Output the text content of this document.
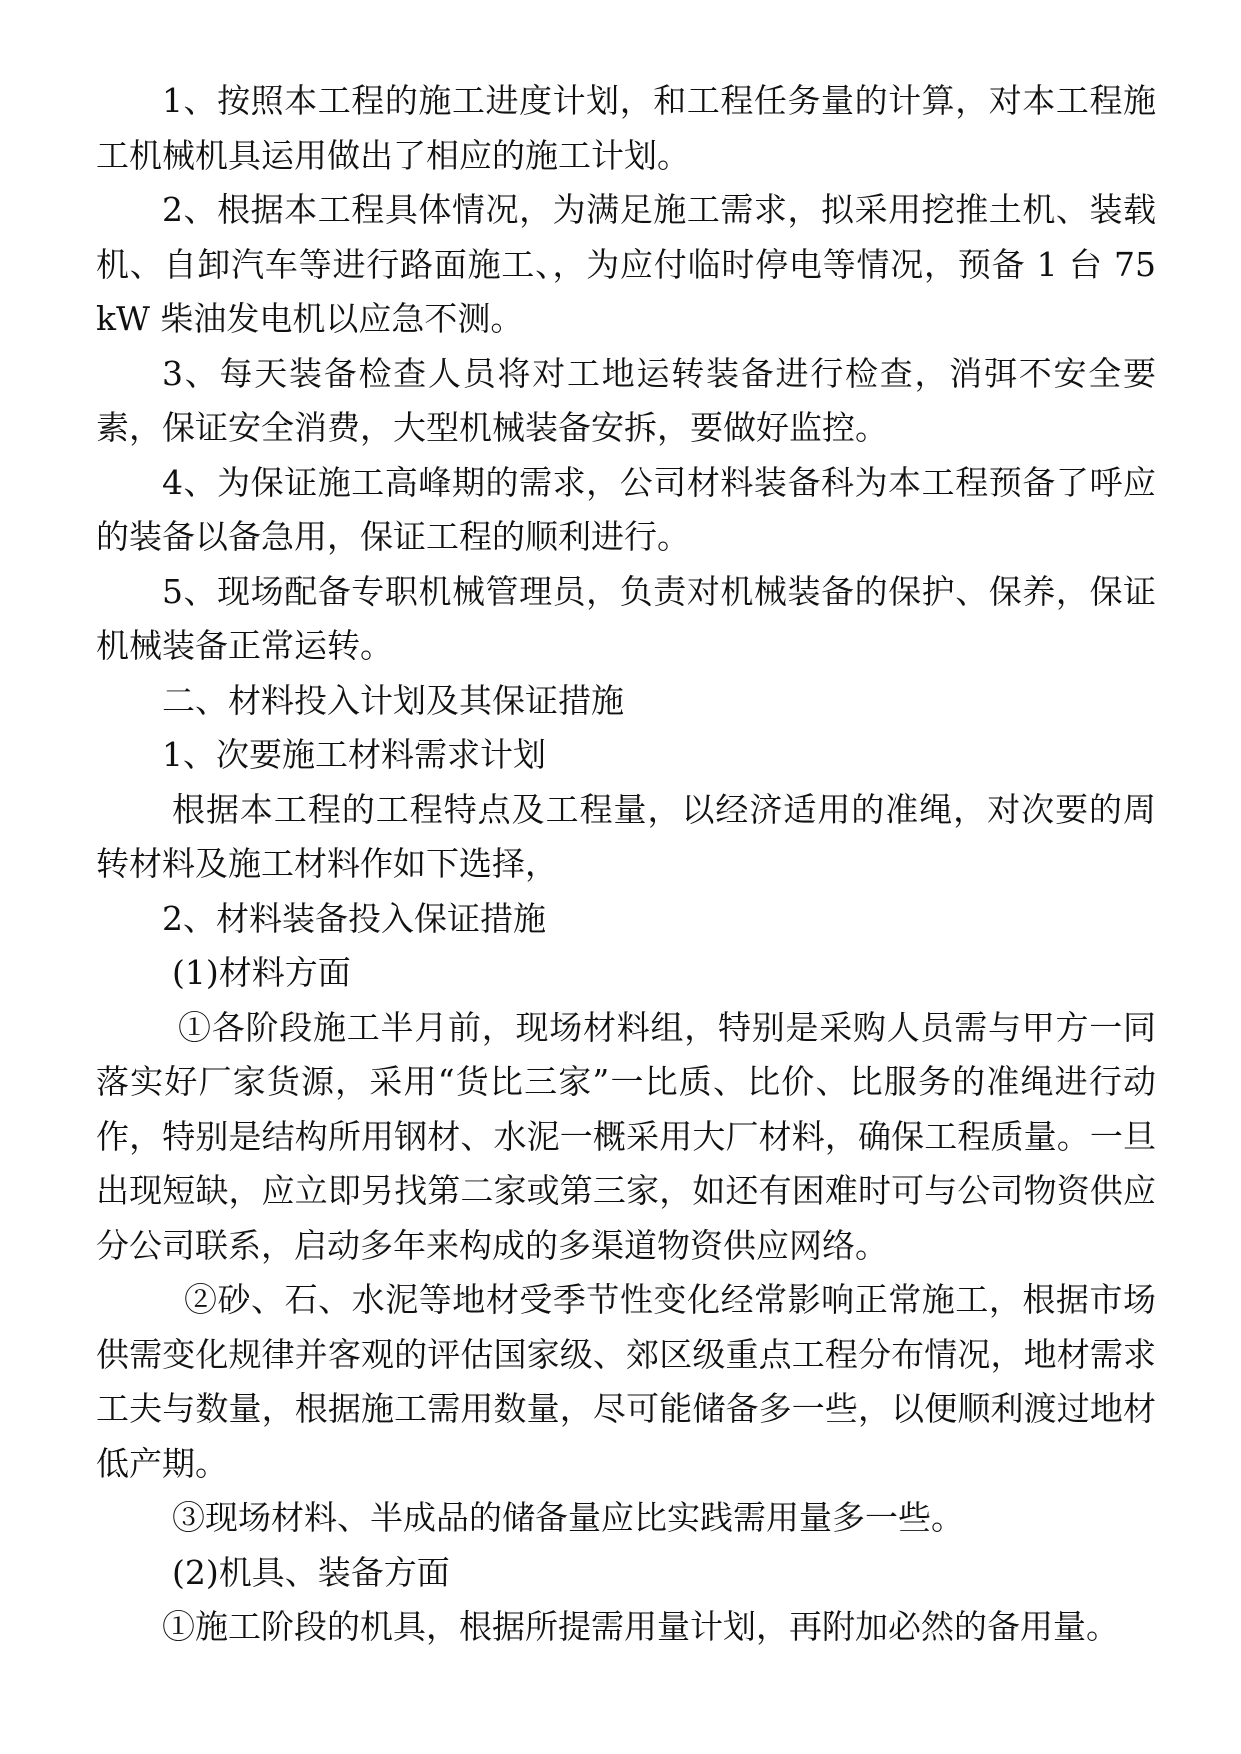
1、按照本工程的施工进度计划，和工程任务量的计算，对本工程施工机械机具运用做出了相应的施工计划。

2、根据本工程具体情况，为满足施工需求，拟采用挖推土机、装载机、自卸汽车等进行路面施工、，为应付临时停电等情况，预备 1 台 75 kW 柴油发电机以应急不测。

3、每天装备检查人员将对工地运转装备进行检查，消弭不安全要素，保证安全消费，大型机械装备安拆，要做好监控。

4、为保证施工高峰期的需求，公司材料装备科为本工程预备了呼应的装备以备急用，保证工程的顺利进行。

5、现场配备专职机械管理员，负责对机械装备的保护、保养，保证机械装备正常运转。

二、材料投入计划及其保证措施

1、次要施工材料需求计划

根据本工程的工程特点及工程量，以经济适用的准绳，对次要的周转材料及施工材料作如下选择，

2、材料装备投入保证措施

(1)材料方面

①各阶段施工半月前，现场材料组，特别是采购人员需与甲方一同落实好厂家货源，采用“货比三家”一比质、比价、比服务的准绳进行动作，特别是结构所用钢材、水泥一概采用大厂材料，确保工程质量。一旦出现短缺，应立即另找第二家或第三家，如还有困难时可与公司物资供应分公司联系，启动多年来构成的多渠道物资供应网络。

②砂、石、水泥等地材受季节性变化经常影响正常施工，根据市场供需变化规律并客观的评估国家级、郊区级重点工程分布情况，地材需求工夫与数量，根据施工需用数量，尽可能储备多一些，以便顺利渡过地材低产期。

③现场材料、半成品的储备量应比实践需用量多一些。

(2)机具、装备方面

①施工阶段的机具，根据所提需用量计划，再附加必然的备用量。
